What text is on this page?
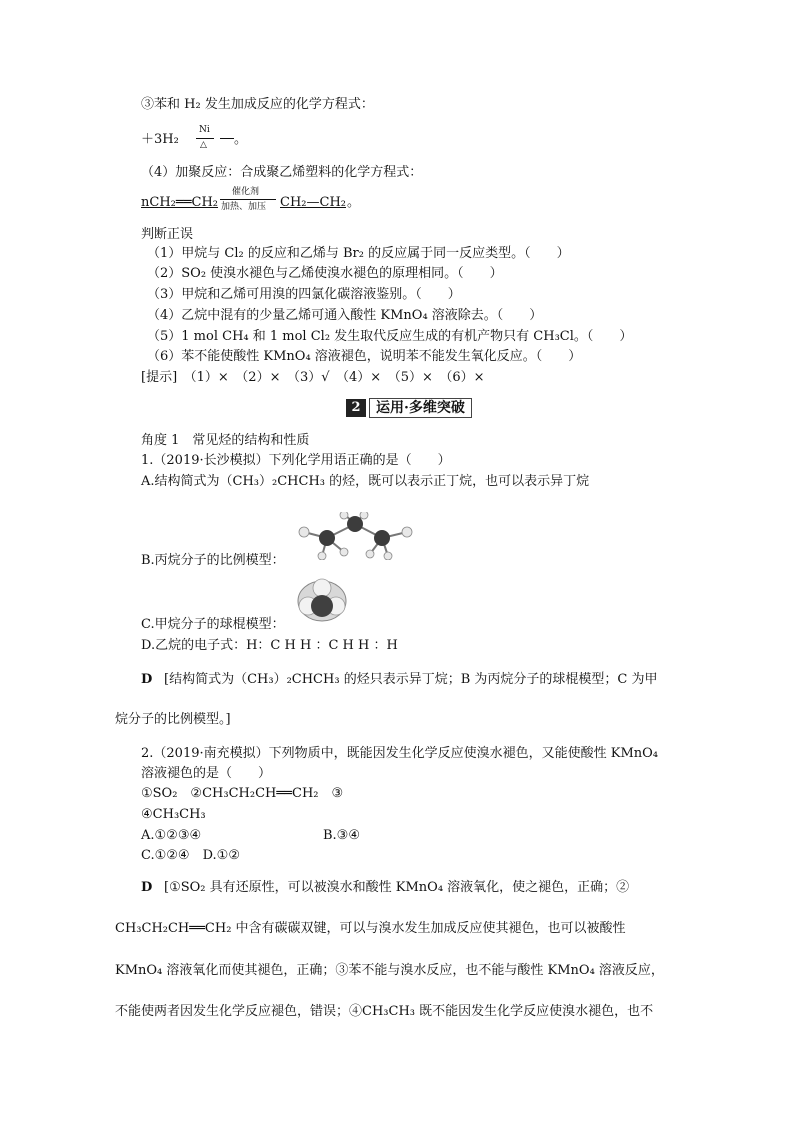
③苯和 H₂ 发生加成反应的化学方程式：
＋3H₂
Ni
△ 。
（4）加聚反应：合成聚乙烯塑料的化学方程式：
nCH₂══CH₂
催化剂
加热、加压 CH₂—CH₂ 。
判断正误
（1）甲烷与 Cl₂ 的反应和乙烯与 Br₂ 的反应属于同一反应类型。（　　）
（2）SO₂ 使溴水褪色与乙烯使溴水褪色的原理相同。（　　）
（3）甲烷和乙烯可用溴的四氯化碳溶液鉴别。（　　）
（4）乙烷中混有的少量乙烯可通入酸性 KMnO₄ 溶液除去。（　　）
（5）1 mol CH₄ 和 1 mol Cl₂ 发生取代反应生成的有机产物只有 CH₃Cl。（　　）
（6）苯不能使酸性 KMnO₄ 溶液褪色，说明苯不能发生氧化反应。（　　）
[提示]　（1）×　（2）×　（3）√　（4）×　（5）×　（6）×
2	运用·多维突破
角度 1　常见烃的结构和性质
1.（2019·长沙模拟）下列化学用语正确的是（　　）
A.结构简式为（CH₃）₂CHCH₃ 的烃，既可以表示正丁烷，也可以表示异丁烷
B.丙烷分子的比例模型：
C.甲烷分子的球棍模型：
D.乙烷的电子式：H：C H H ：C H H ：H
D [结构简式为（CH₃）₂CHCH₃ 的烃只表示异丁烷；B 为丙烷分子的球棍模型；C 为甲
烷分子的比例模型。]
2.（2019·南充模拟）下列物质中，既能因发生化学反应使溴水褪色，又能使酸性 KMnO₄
溶液褪色的是（　　）
①SO₂　②CH₃CH₂CH══CH₂　③
④CH₃CH₃
A.①②③④	B.③④
C.①②④　D.①②
D [①SO₂ 具有还原性，可以被溴水和酸性 KMnO₄ 溶液氧化，使之褪色，正确；②
CH₃CH₂CH══CH₂ 中含有碳碳双键，可以与溴水发生加成反应使其褪色，也可以被酸性
KMnO₄ 溶液氧化而使其褪色，正确；③苯不能与溴水反应，也不能与酸性 KMnO₄ 溶液反应，
不能使两者因发生化学反应褪色，错误；④CH₃CH₃ 既不能因发生化学反应使溴水褪色，也不
